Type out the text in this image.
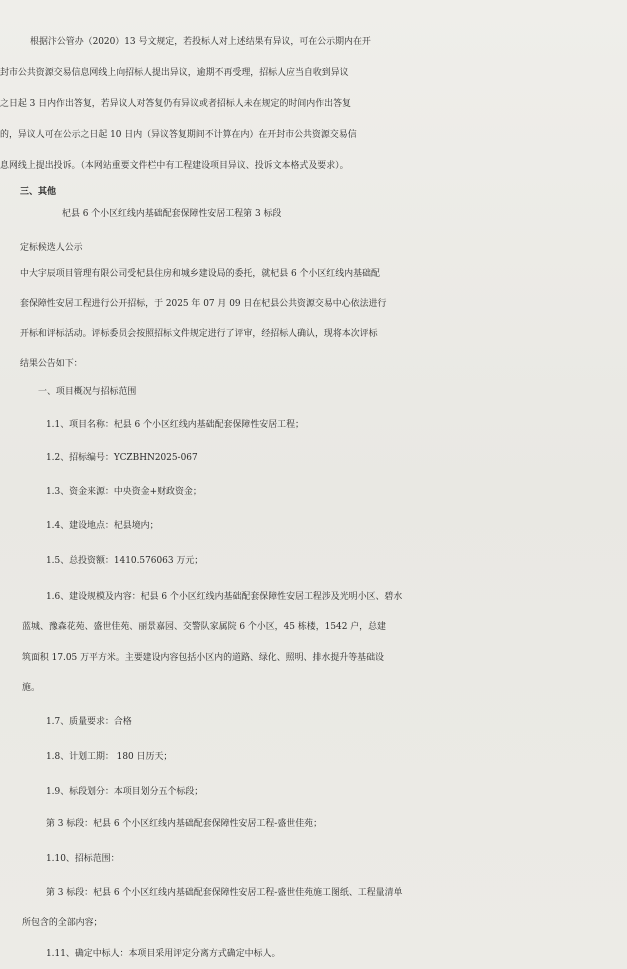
根据汴公管办（2020）13 号文规定，若投标人对上述结果有异议，可在公示期内在开
封市公共资源交易信息网线上向招标人提出异议，逾期不再受理，招标人应当自收到异议
之日起 3 日内作出答复，若异议人对答复仍有异议或者招标人未在规定的时间内作出答复
的，异议人可在公示之日起 10 日内（异议答复期间不计算在内）在开封市公共资源交易信
息网线上提出投诉。（本网站重要文件栏中有工程建设项目异议、投诉文本格式及要求）。
三、其他
杞县 6 个小区红线内基础配套保障性安居工程第 3 标段
定标候选人公示
中大宇辰项目管理有限公司受杞县住房和城乡建设局的委托，就杞县 6 个小区红线内基础配
套保障性安居工程进行公开招标，于 2025 年 07 月 09 日在杞县公共资源交易中心依法进行
开标和评标活动。评标委员会按照招标文件规定进行了评审，经招标人确认，现将本次评标
结果公告如下：
一、项目概况与招标范围
1.1、项目名称：杞县 6 个小区红线内基础配套保障性安居工程；
1.2、招标编号：YCZBHN2025-067
1.3、资金来源：中央资金+财政资金；
1.4、建设地点：杞县境内；
1.5、总投资额：1410.576063 万元；
1.6、建设规模及内容：杞县 6 个小区红线内基础配套保障性安居工程涉及光明小区、碧水
蓝城、豫森花苑、盛世佳苑、丽景嘉园、交警队家属院 6 个小区，45 栋楼，1542 户，总建
筑面积 17.05 万平方米。主要建设内容包括小区内的道路、绿化、照明、排水提升等基础设
施。
1.7、质量要求：合格
1.8、计划工期： 180 日历天；
1.9、标段划分：本项目划分五个标段；
第 3 标段：杞县 6 个小区红线内基础配套保障性安居工程-盛世佳苑；
1.10、招标范围：
第 3 标段：杞县 6 个小区红线内基础配套保障性安居工程-盛世佳苑施工图纸、工程量清单
所包含的全部内容；
1.11、确定中标人：本项目采用评定分离方式确定中标人。
